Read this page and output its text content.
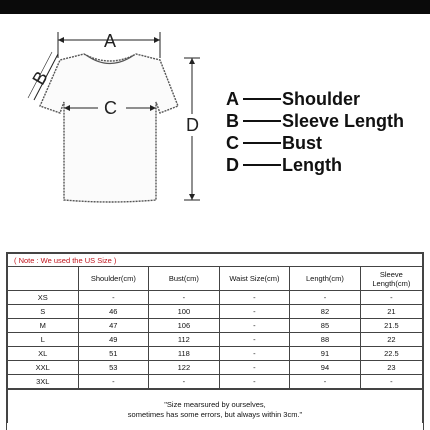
A
B
C
D
A Shoulder
B Sleeve Length
C Bust
D Length
( Note : We used the US Size )					
	Shoulder(cm)	Bust(cm)	Waist Size(cm)	Length(cm)	Sleeve
Length(cm)
XS	-	-	-	-	-
S	46	100	-	82	21
M	47	106	-	85	21.5
L	49	112	-	88	22
XL	51	118	-	91	22.5
XXL	53	122	-	94	23
3XL	-	-	-	-	-
"Size mearsured by ourselves,
sometimes has some errors, but always within 3cm."
